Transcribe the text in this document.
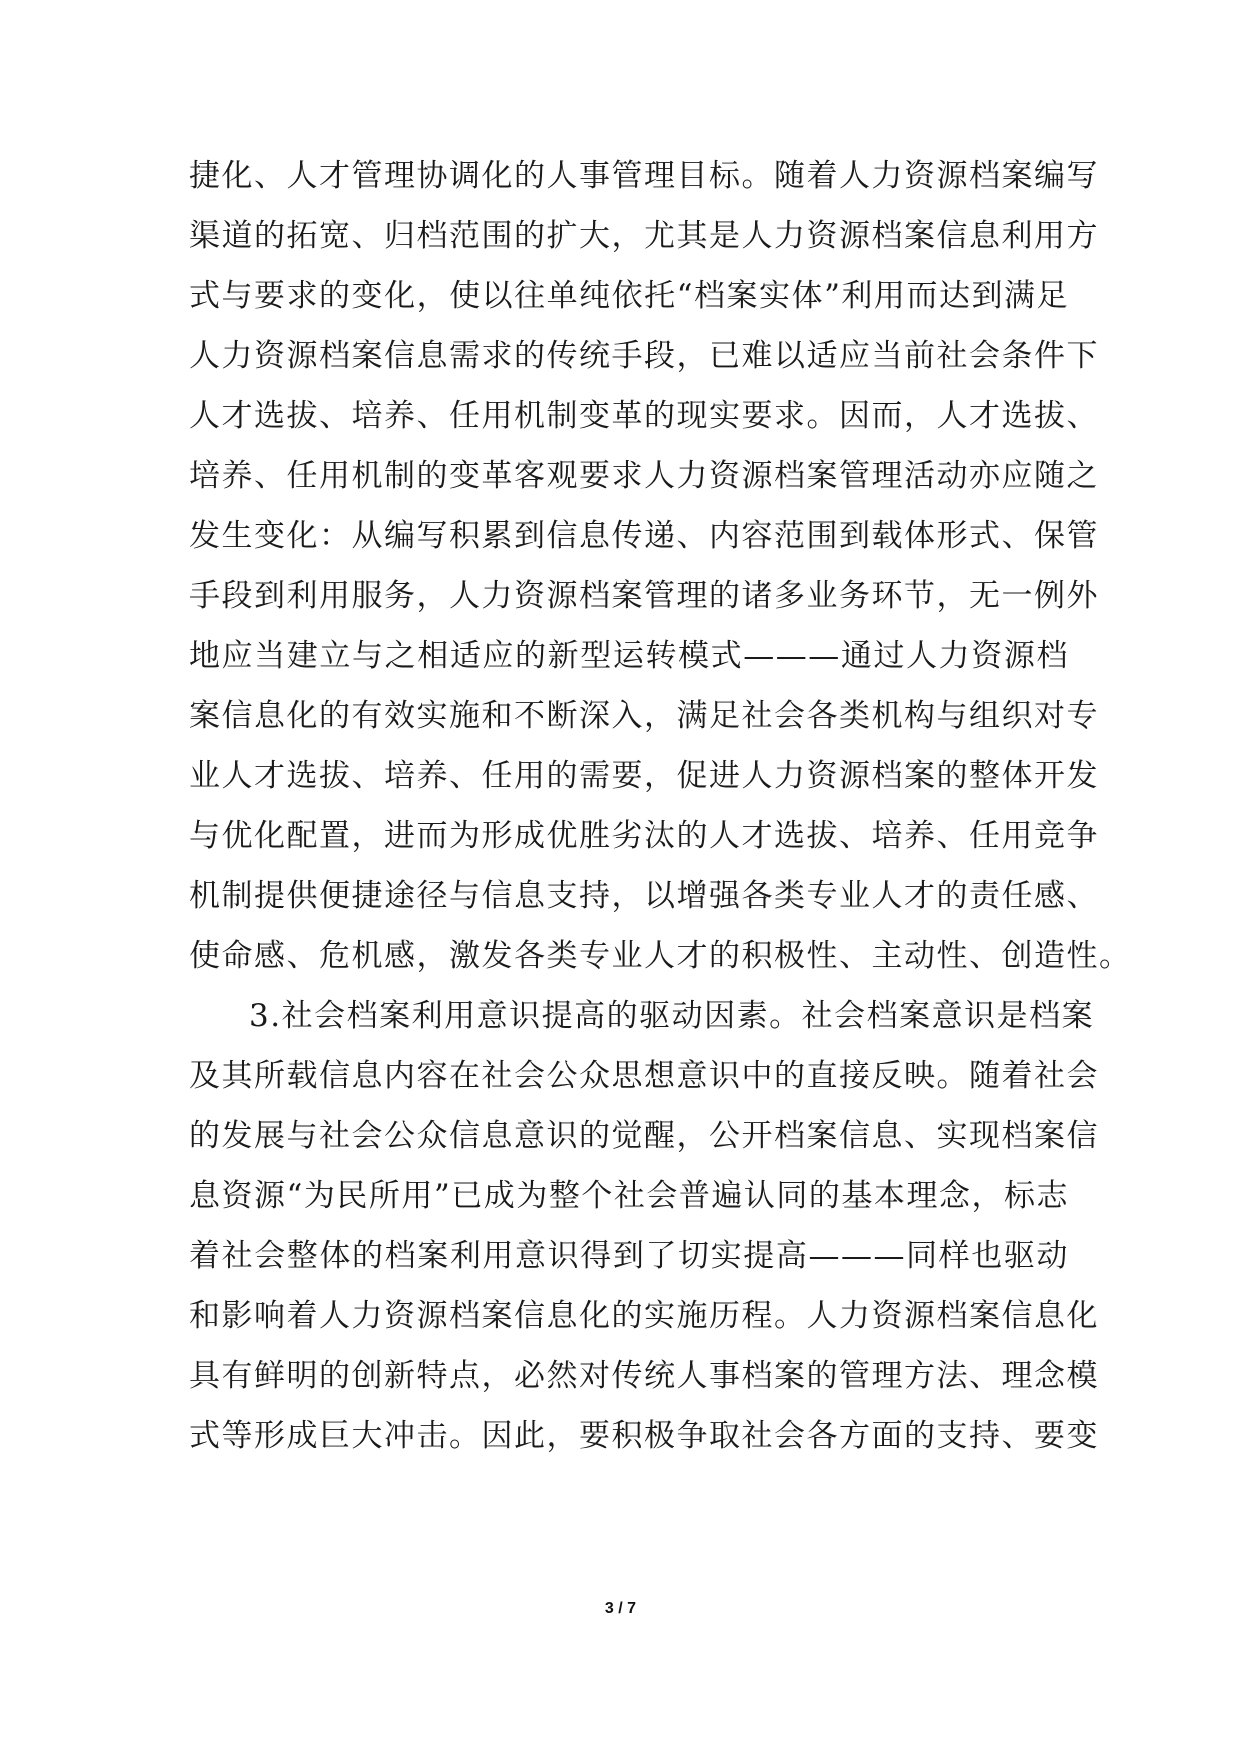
捷化、人才管理协调化的人事管理目标。随着人力资源档案编写
渠道的拓宽、归档范围的扩大，尤其是人力资源档案信息利用方
式与要求的变化，使以往单纯依托“档案实体”利用而达到满足
人力资源档案信息需求的传统手段，已难以适应当前社会条件下
人才选拔、培养、任用机制变革的现实要求。因而，人才选拔、
培养、任用机制的变革客观要求人力资源档案管理活动亦应随之
发生变化：从编写积累到信息传递、内容范围到载体形式、保管
手段到利用服务，人力资源档案管理的诸多业务环节，无一例外
地应当建立与之相适应的新型运转模式———通过人力资源档
案信息化的有效实施和不断深入，满足社会各类机构与组织对专
业人才选拔、培养、任用的需要，促进人力资源档案的整体开发
与优化配置，进而为形成优胜劣汰的人才选拔、培养、任用竞争
机制提供便捷途径与信息支持，以增强各类专业人才的责任感、
使命感、危机感，激发各类专业人才的积极性、主动性、创造性。
3.社会档案利用意识提高的驱动因素。社会档案意识是档案
及其所载信息内容在社会公众思想意识中的直接反映。随着社会
的发展与社会公众信息意识的觉醒，公开档案信息、实现档案信
息资源“为民所用”已成为整个社会普遍认同的基本理念，标志
着社会整体的档案利用意识得到了切实提高———同样也驱动
和影响着人力资源档案信息化的实施历程。人力资源档案信息化
具有鲜明的创新特点，必然对传统人事档案的管理方法、理念模
式等形成巨大冲击。因此，要积极争取社会各方面的支持、要变
3 / 7
